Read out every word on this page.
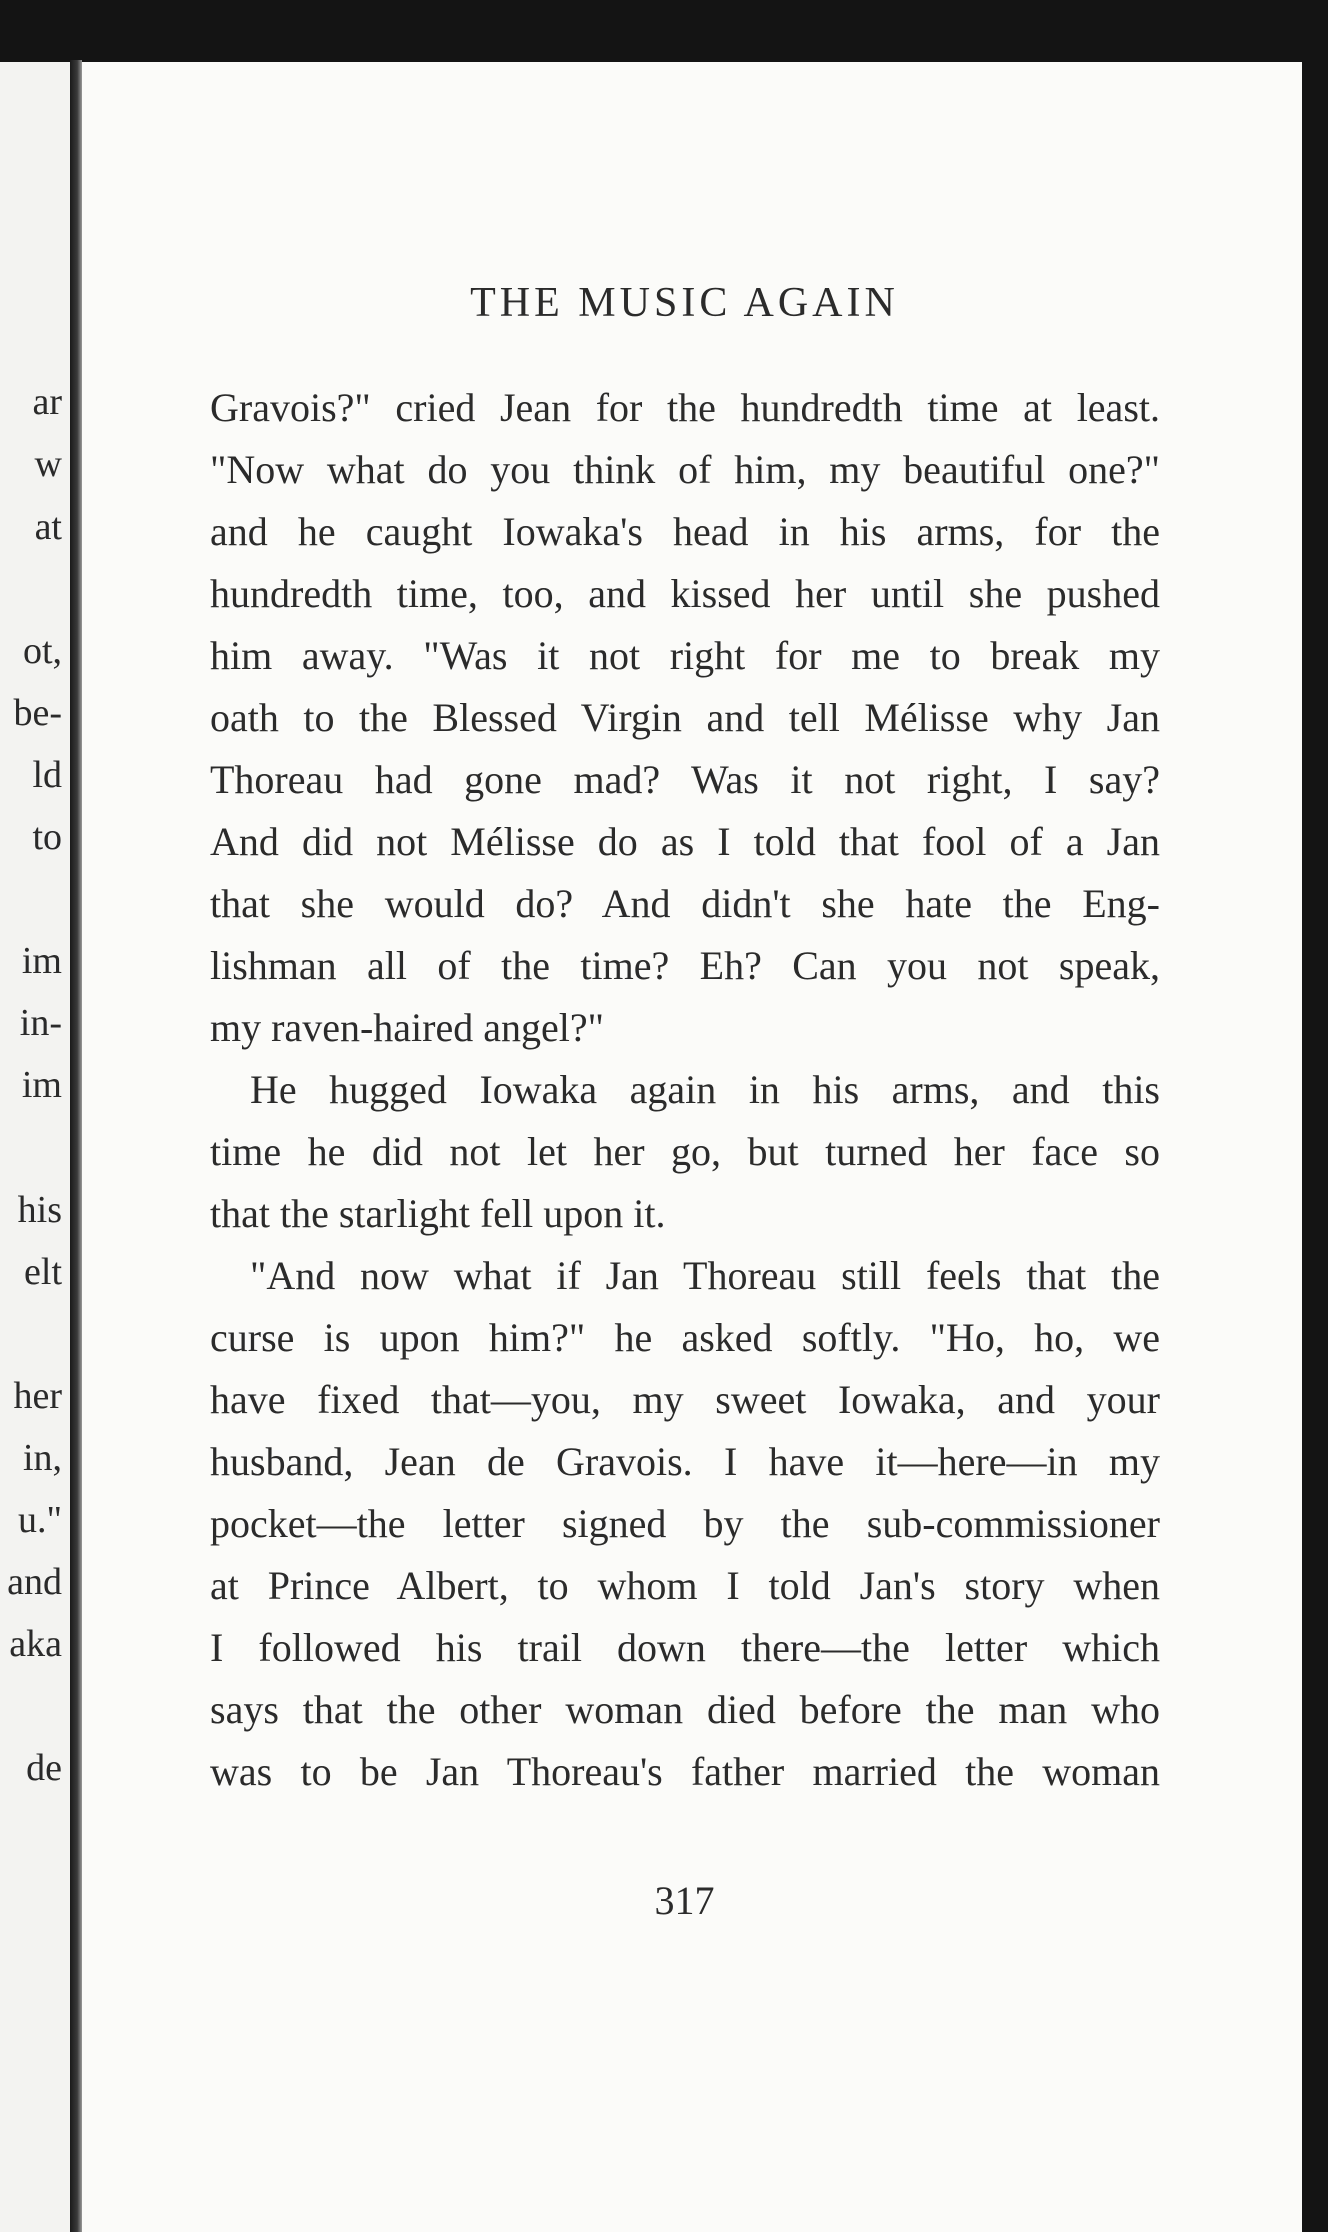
ar
w
at
ot,
be-
ld
to
im
in-
im
his
elt
her
in,
u."
and
aka
de
THE MUSIC AGAIN
Gravois?" cried Jean for the hundredth time at least.
"Now what do you think of him, my beautiful one?"
and he caught Iowaka's head in his arms, for the
hundredth time, too, and kissed her until she pushed
him away. "Was it not right for me to break my
oath to the Blessed Virgin and tell Mélisse why Jan
Thoreau had gone mad? Was it not right, I say?
And did not Mélisse do as I told that fool of a Jan
that she would do? And didn't she hate the Eng-
lishman all of the time? Eh? Can you not speak,
my raven-haired angel?"
He hugged Iowaka again in his arms, and this
time he did not let her go, but turned her face so
that the starlight fell upon it.
"And now what if Jan Thoreau still feels that the
curse is upon him?" he asked softly. "Ho, ho, we
have fixed that—you, my sweet Iowaka, and your
husband, Jean de Gravois. I have it—here—in my
pocket—the letter signed by the sub-commissioner
at Prince Albert, to whom I told Jan's story when
I followed his trail down there—the letter which
says that the other woman died before the man who
was to be Jan Thoreau's father married the woman
317
